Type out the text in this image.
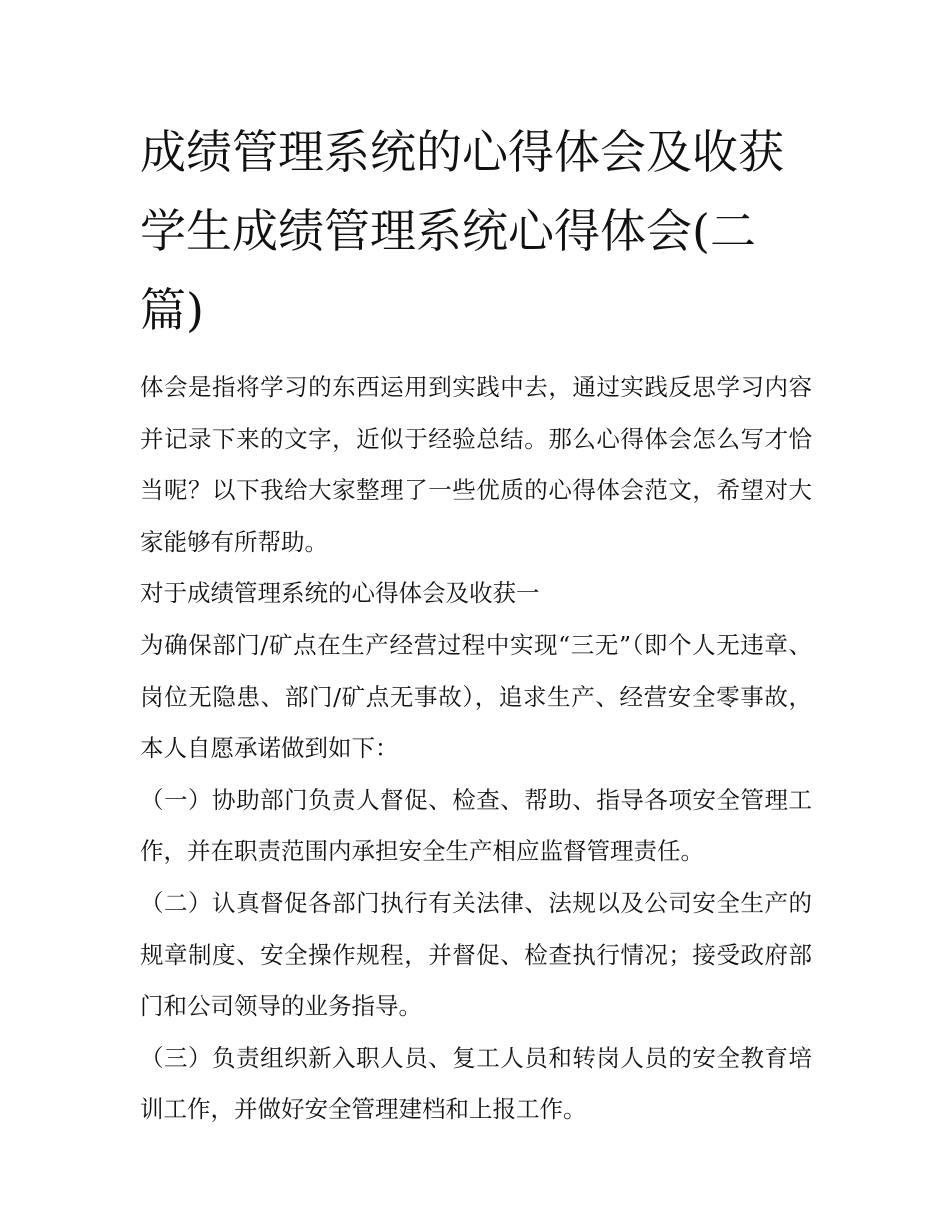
成绩管理系统的心得体会及收获 学生成绩管理系统心得体会(二篇)

体会是指将学习的东西运用到实践中去，通过实践反思学习内容并记录下来的文字，近似于经验总结。那么心得体会怎么写才恰当呢？以下我给大家整理了一些优质的心得体会范文，希望对大家能够有所帮助。

对于成绩管理系统的心得体会及收获一

为确保部门/矿点在生产经营过程中实现“三无”（即个人无违章、岗位无隐患、部门/矿点无事故），追求生产、经营安全零事故，本人自愿承诺做到如下：

（一）协助部门负责人督促、检查、帮助、指导各项安全管理工作，并在职责范围内承担安全生产相应监督管理责任。

（二）认真督促各部门执行有关法律、法规以及公司安全生产的规章制度、安全操作规程，并督促、检查执行情况；接受政府部门和公司领导的业务指导。

（三）负责组织新入职人员、复工人员和转岗人员的安全教育培训工作，并做好安全管理建档和上报工作。
